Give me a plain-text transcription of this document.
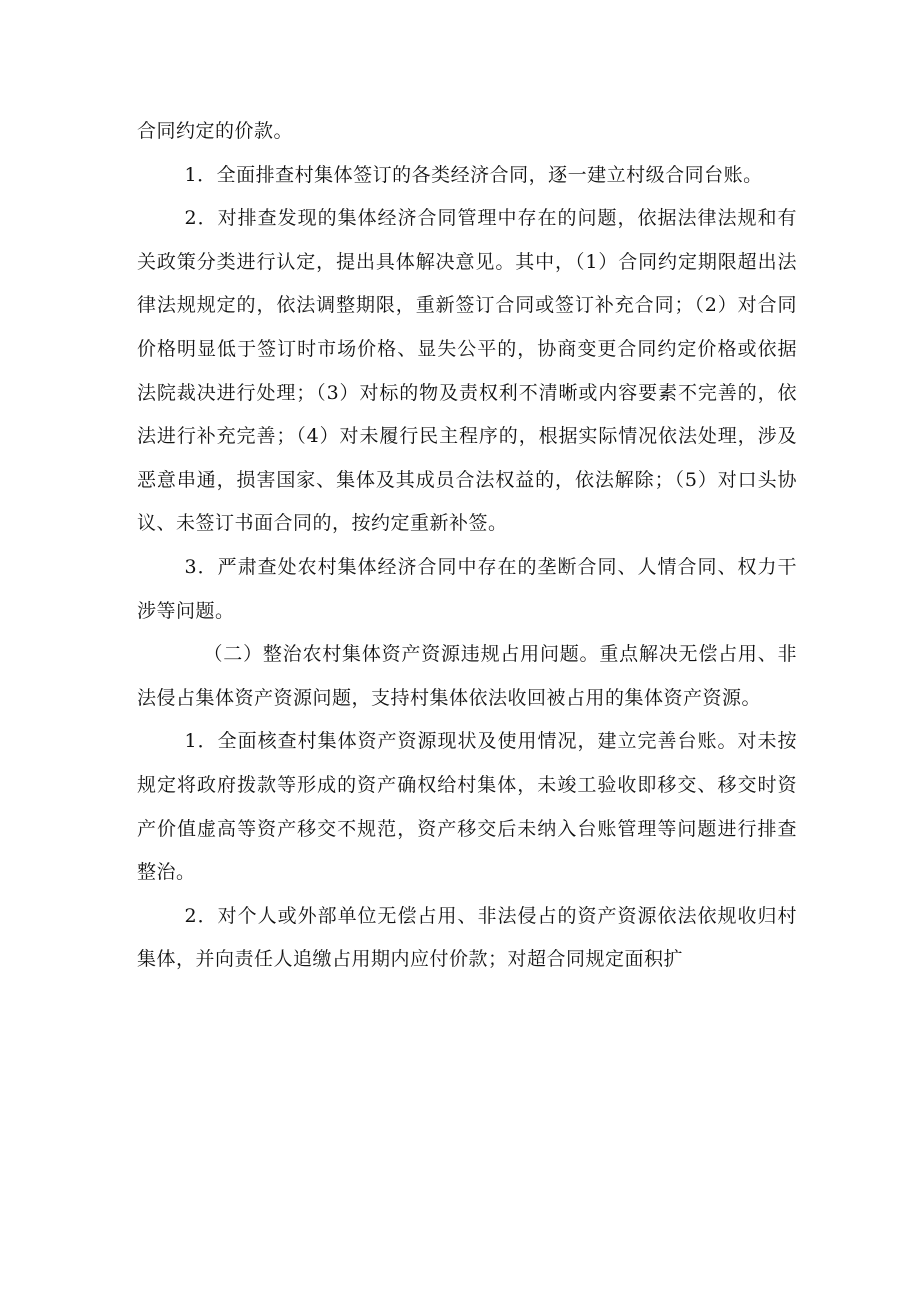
合同约定的价款。

1．全面排查村集体签订的各类经济合同，逐一建立村级合同台账。

2．对排查发现的集体经济合同管理中存在的问题，依据法律法规和有关政策分类进行认定，提出具体解决意见。其中，（1）合同约定期限超出法律法规规定的，依法调整期限，重新签订合同或签订补充合同；（2）对合同价格明显低于签订时市场价格、显失公平的，协商变更合同约定价格或依据法院裁决进行处理；（3）对标的物及责权利不清晰或内容要素不完善的，依法进行补充完善；（4）对未履行民主程序的，根据实际情况依法处理，涉及恶意串通，损害国家、集体及其成员合法权益的，依法解除；（5）对口头协议、未签订书面合同的，按约定重新补签。

3．严肃查处农村集体经济合同中存在的垄断合同、人情合同、权力干涉等问题。

（二）整治农村集体资产资源违规占用问题。重点解决无偿占用、非法侵占集体资产资源问题，支持村集体依法收回被占用的集体资产资源。

1．全面核查村集体资产资源现状及使用情况，建立完善台账。对未按规定将政府拨款等形成的资产确权给村集体，未竣工验收即移交、移交时资产价值虚高等资产移交不规范，资产移交后未纳入台账管理等问题进行排查整治。

2．对个人或外部单位无偿占用、非法侵占的资产资源依法依规收归村集体，并向责任人追缴占用期内应付价款；对超合同规定面积扩
